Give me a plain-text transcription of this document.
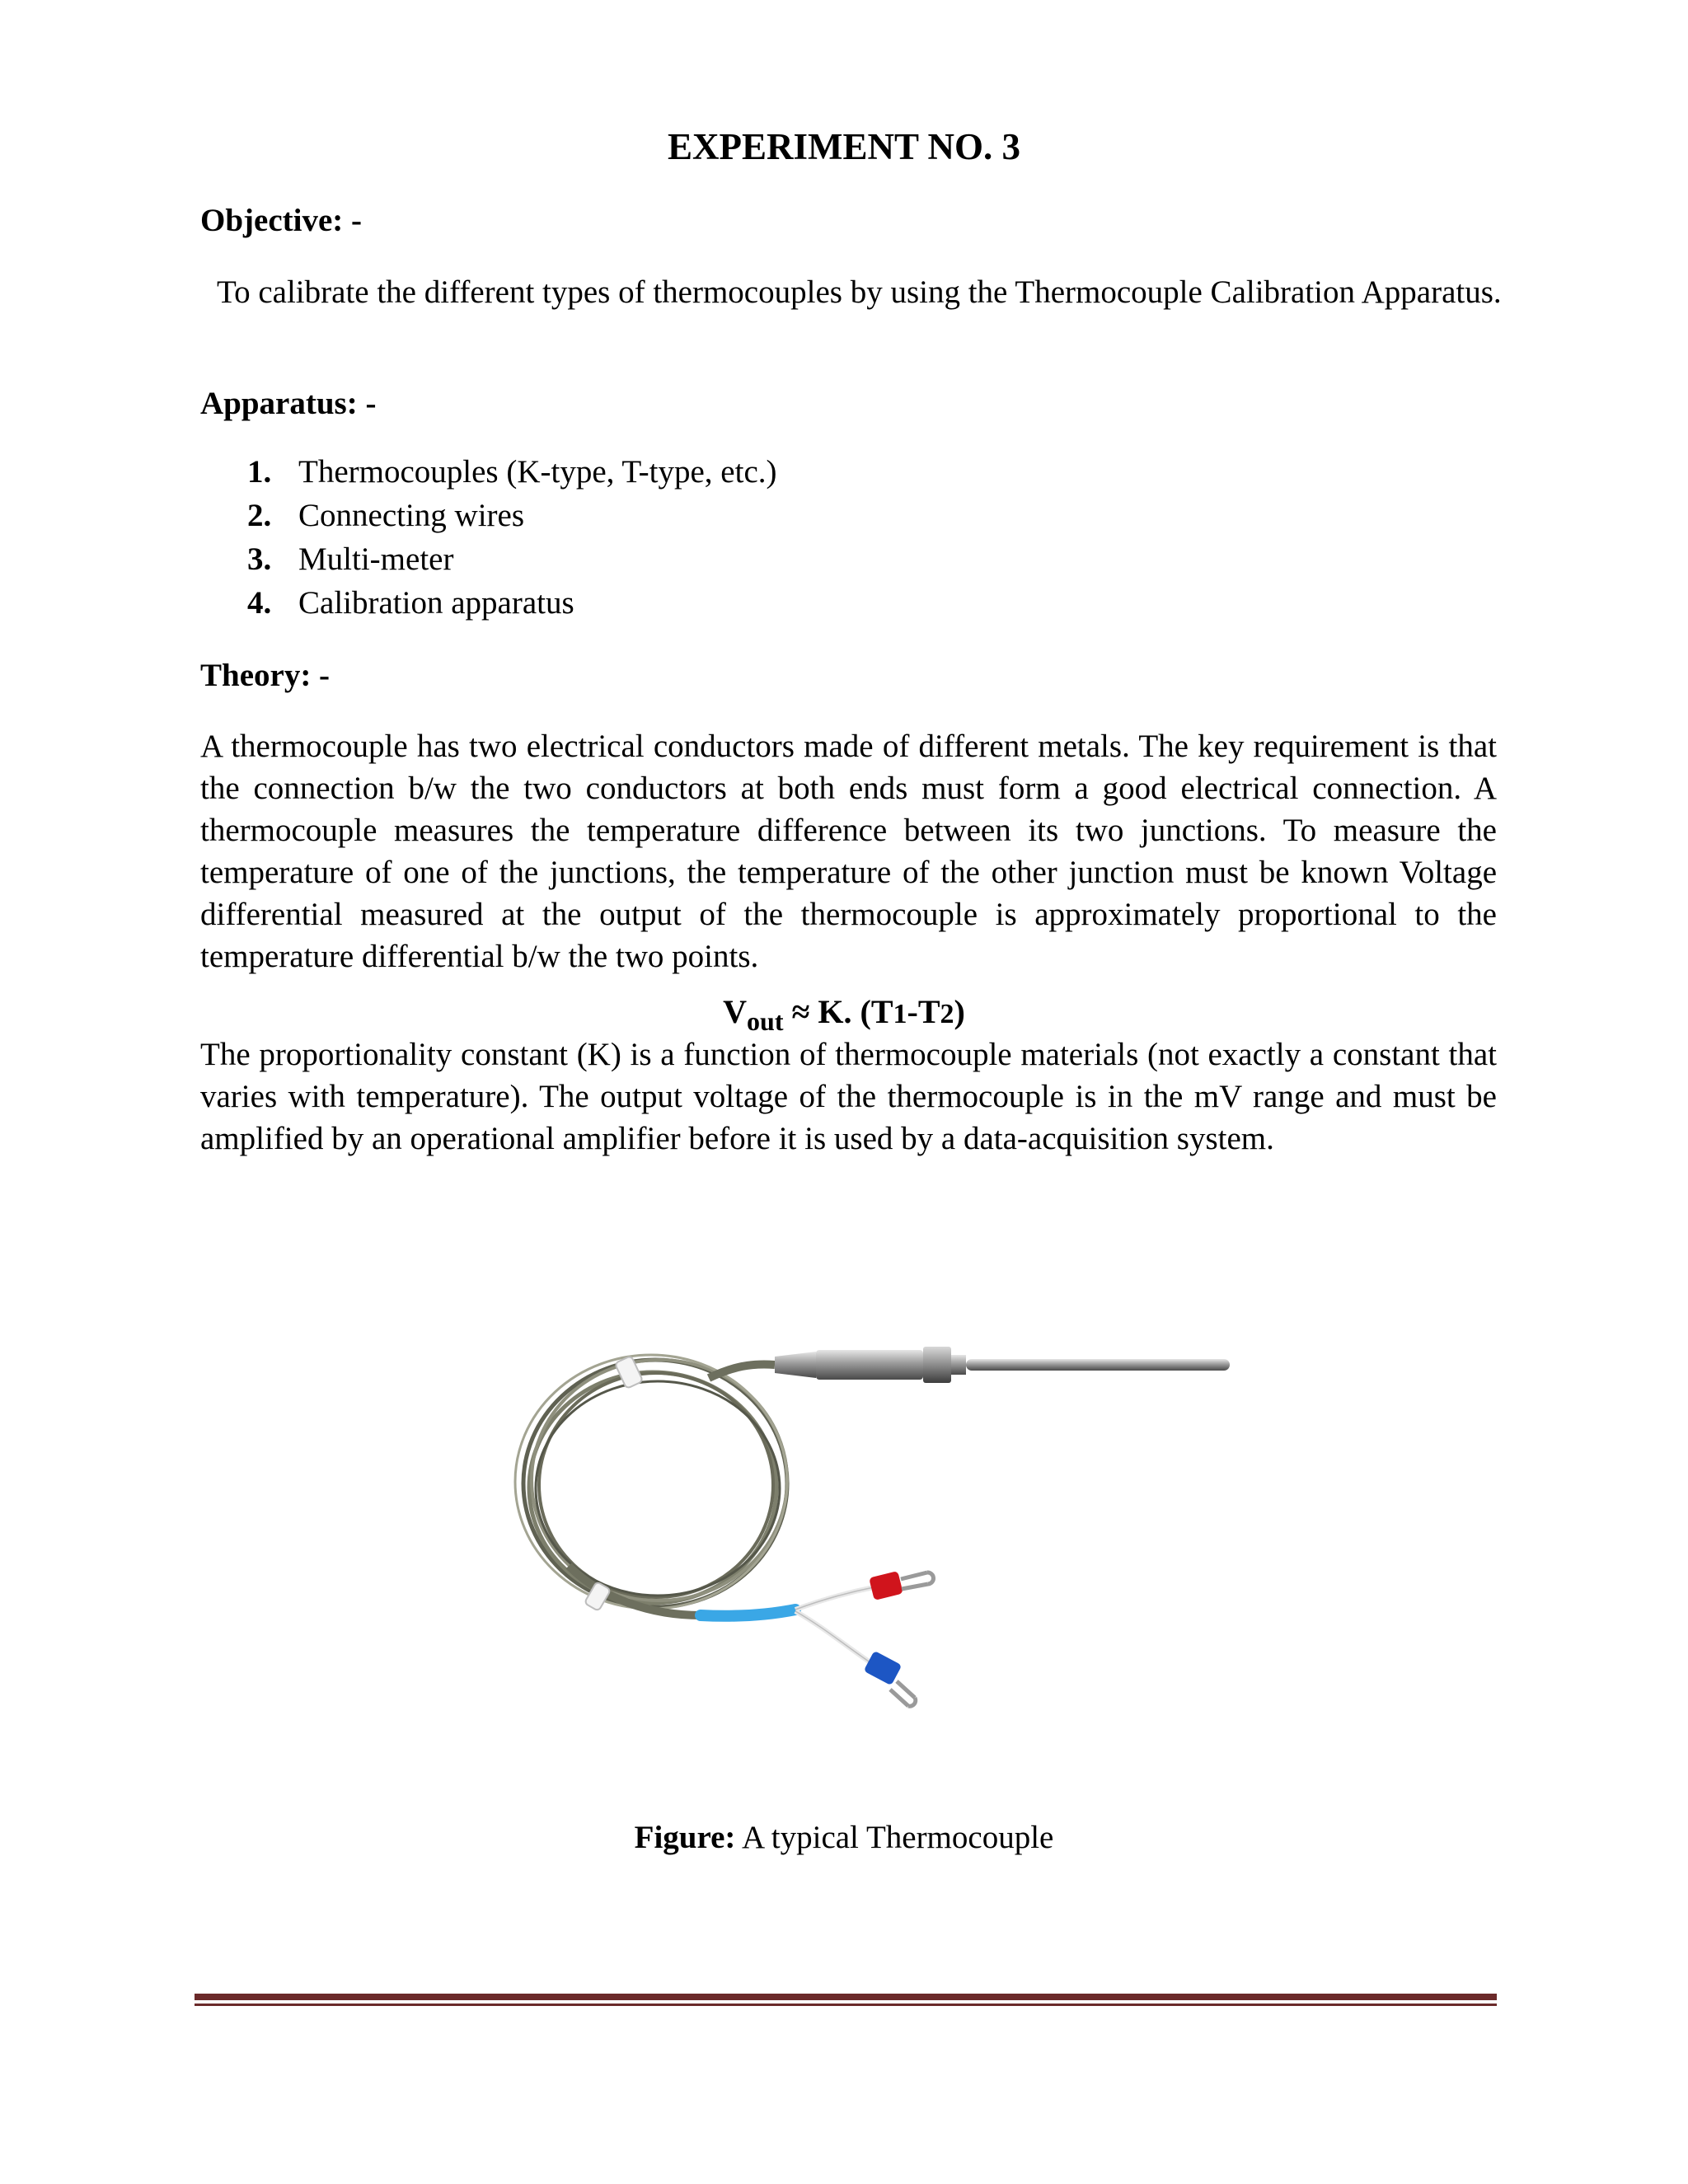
EXPERIMENT NO. 3
Objective: -
To calibrate the different types of thermocouples by using the Thermocouple Calibration Apparatus.
Apparatus: -
1. Thermocouples (K-type, T-type, etc.)
2. Connecting wires
3. Multi-meter
4. Calibration apparatus
Theory: -
A thermocouple has two electrical conductors made of different metals. The key requirement is that the connection b/w the two conductors at both ends must form a good electrical connection. A thermocouple measures the temperature difference between its two junctions. To measure the temperature of one of the junctions, the temperature of the other junction must be known Voltage differential measured at the output of the thermocouple is approximately proportional to the temperature differential b/w the two points.
$V_{out} \approx K$. (T1-T2)
The proportionality constant (K) is a function of thermocouple materials (not exactly a constant that varies with temperature). The output voltage of the thermocouple is in the mV range and must be amplified by an operational amplifier before it is used by a data-acquisition system.
Figure: A typical Thermocouple
